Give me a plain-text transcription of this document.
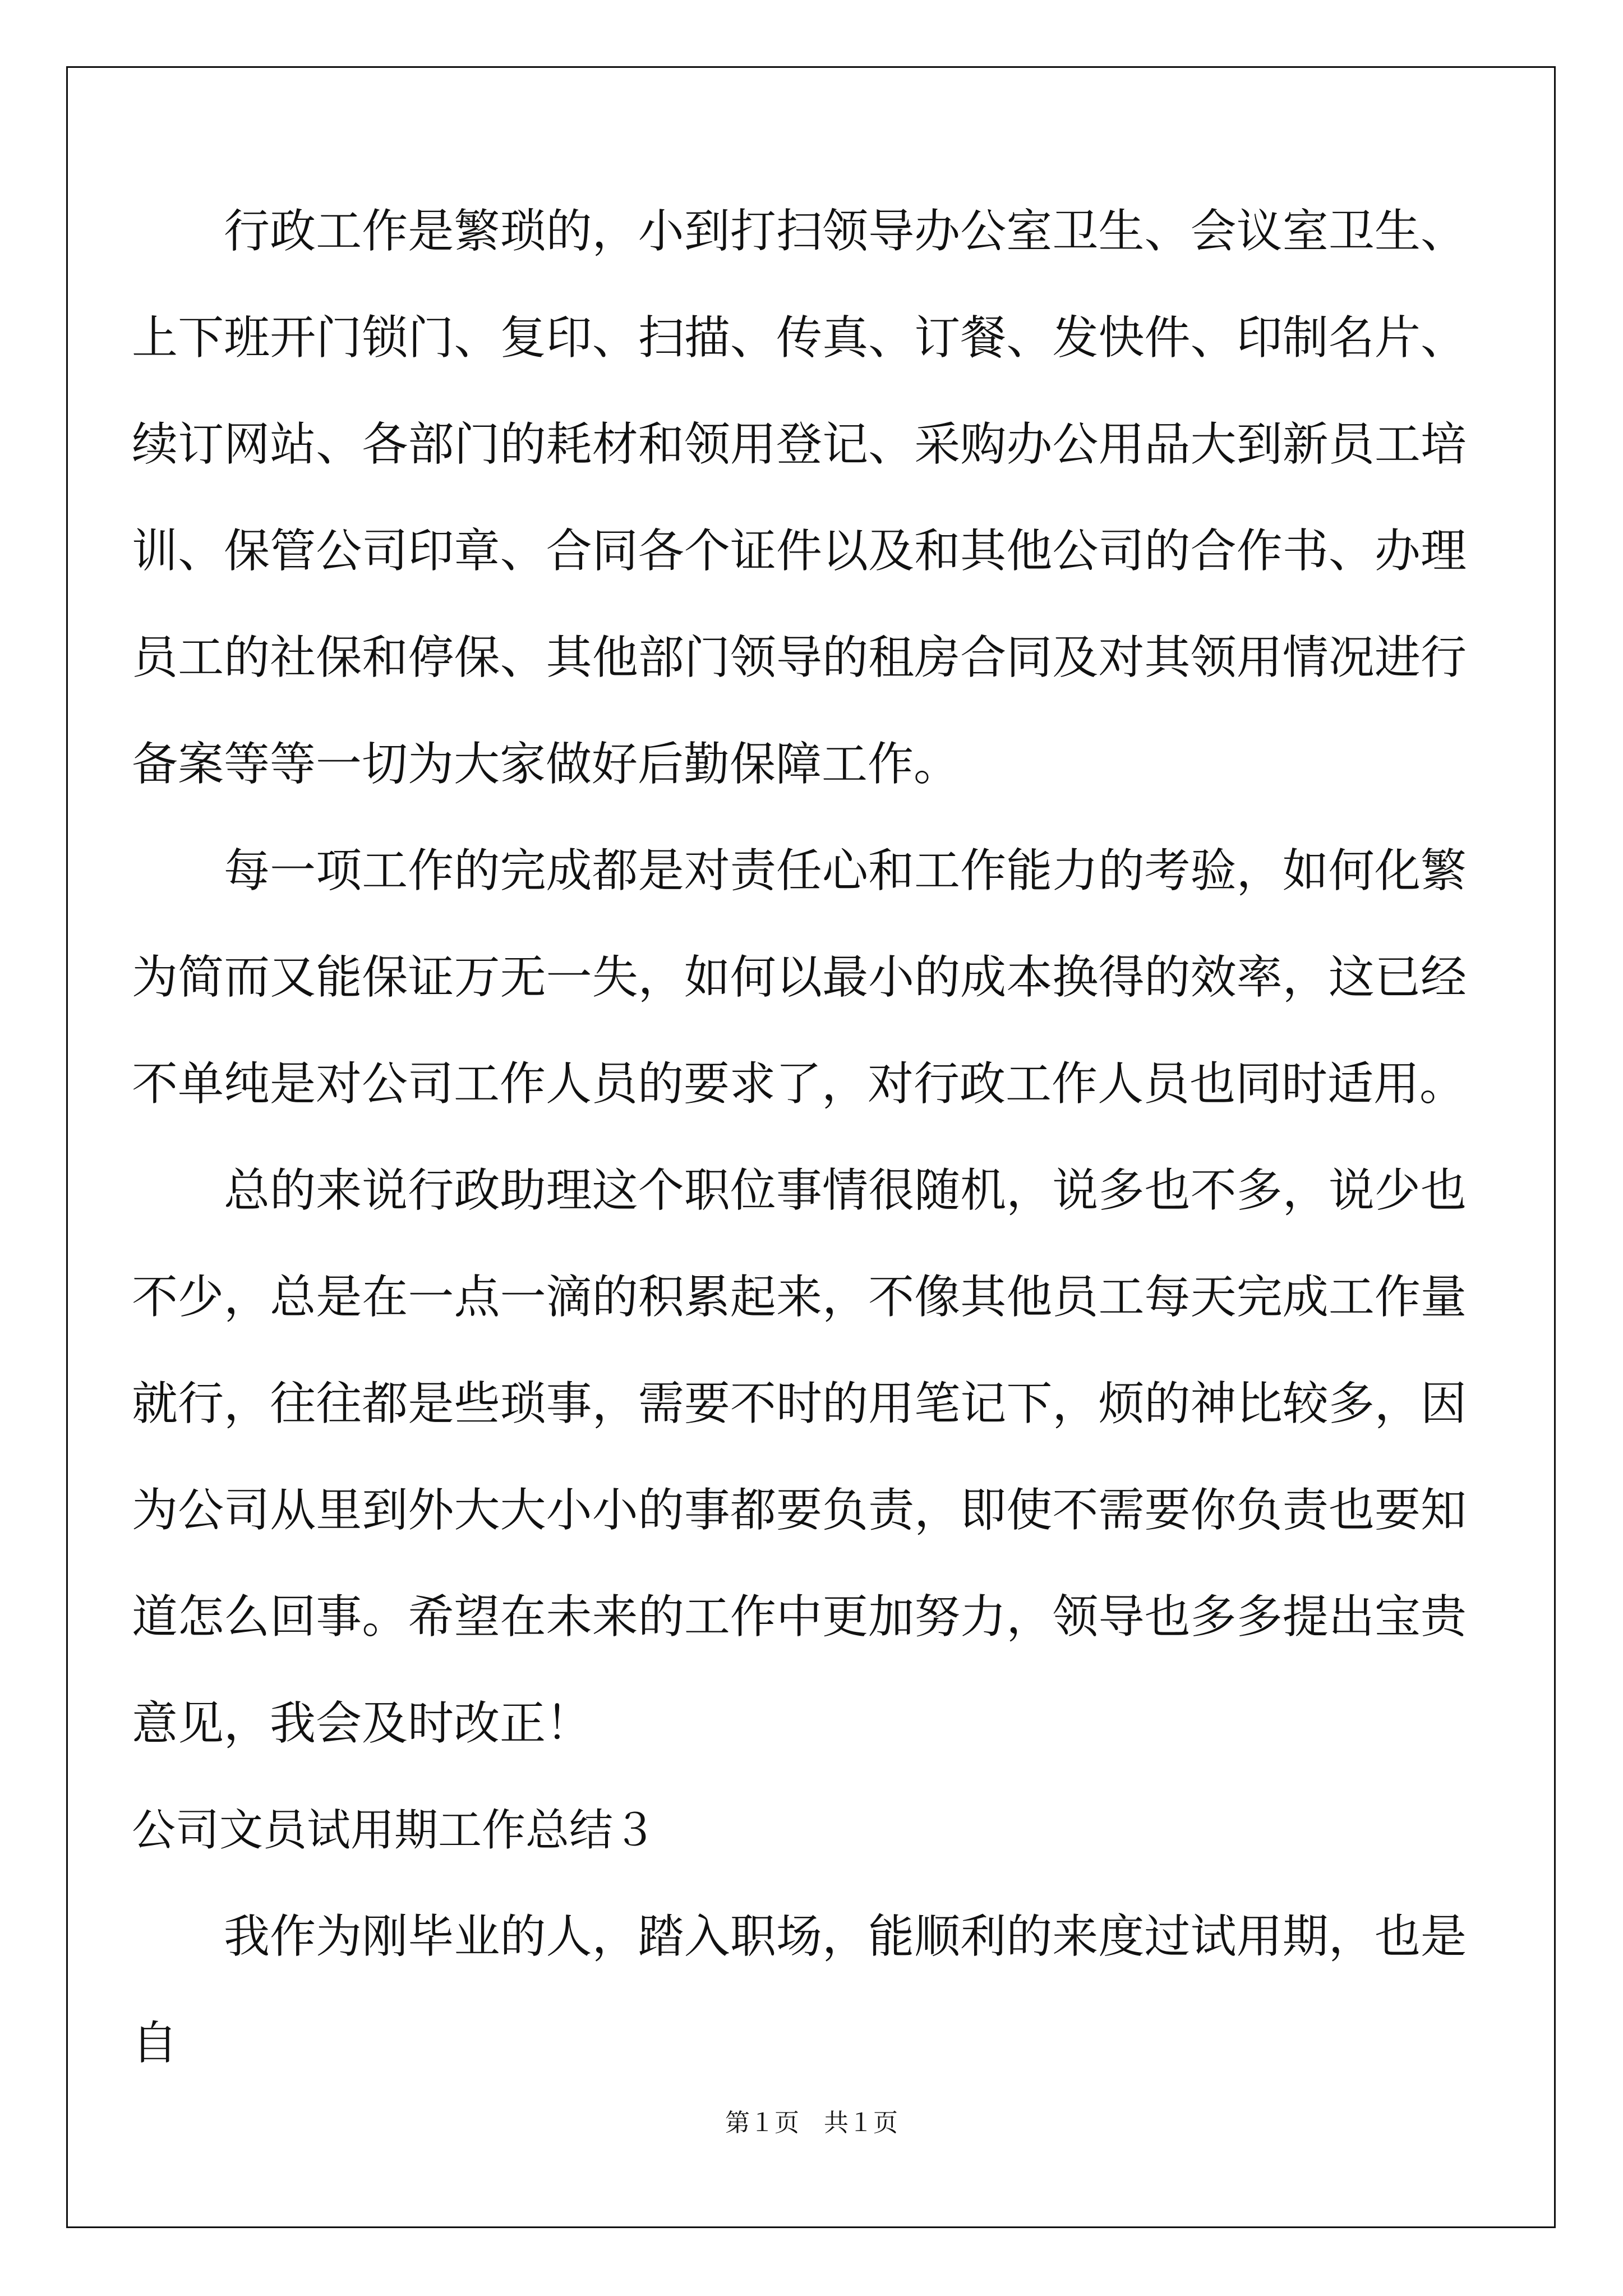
行政工作是繁琐的，小到打扫领导办公室卫生、会议室卫生、上下班开门锁门、复印、扫描、传真、订餐、发快件、印制名片、续订网站、各部门的耗材和领用登记、采购办公用品大到新员工培训、保管公司印章、合同各个证件以及和其他公司的合作书、办理员工的社保和停保、其他部门领导的租房合同及对其领用情况进行备案等等一切为大家做好后勤保障工作。

每一项工作的完成都是对责任心和工作能力的考验，如何化繁为简而又能保证万无一失，如何以最小的成本换得的效率，这已经不单纯是对公司工作人员的要求了，对行政工作人员也同时适用。

总的来说行政助理这个职位事情很随机，说多也不多，说少也不少，总是在一点一滴的积累起来，不像其他员工每天完成工作量就行，往往都是些琐事，需要不时的用笔记下，烦的神比较多，因为公司从里到外大大小小的事都要负责，即使不需要你负责也要知道怎么回事。希望在未来的工作中更加努力，领导也多多提出宝贵意见，我会及时改正！

公司文员试用期工作总结３

我作为刚毕业的人，踏入职场，能顺利的来度过试用期，也是自

第１页　共１页
